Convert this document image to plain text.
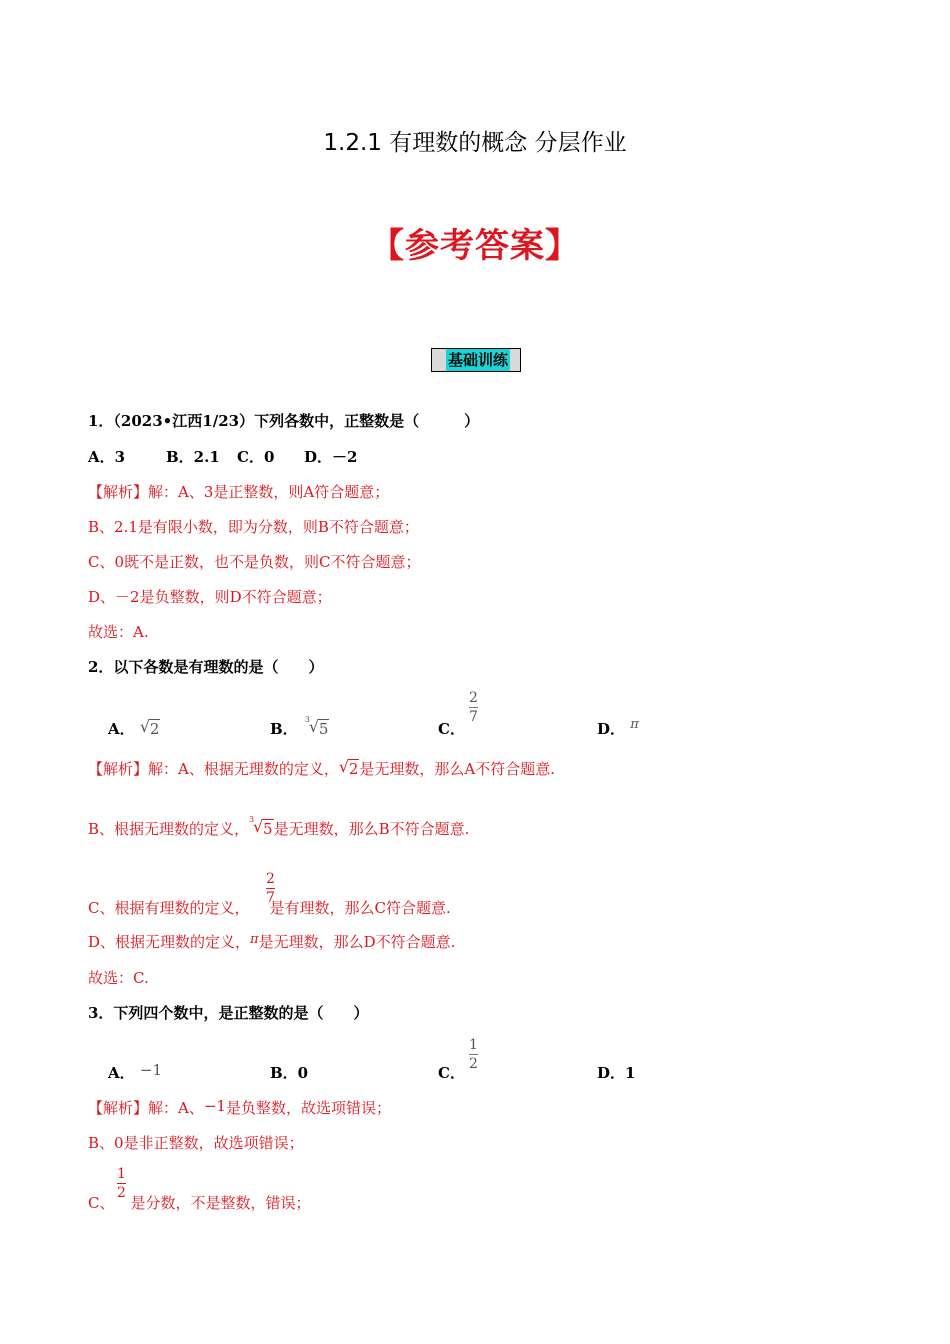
1.2.1 有理数的概念 分层作业
【参考答案】
基础训练
1．（2023•江西1/23）下列各数中，正整数是（　　　）
A．3	B．2.1 C．0 D．－2
【解析】解：A、3是正整数，则A符合题意；
B、2.1是有限小数，即为分数，则B不符合题意；
C、0既不是正数，也不是负数，则C不符合题意；
D、－2是负整数，则D不符合题意；
故选：A.
2．以下各数是有理数的是（　　）
A． √ 2	B．
3
√ 5	C．
2
7
D． π
【解析】解：A、根据无理数的定义， √ 2是无理数，那么A不符合题意.
B、根据无理数的定义，
3
√ 5是无理数，那么B不符合题意.
C、根据有理数的定义， 是有理数，那么C符合题意.
2
7
D、根据无理数的定义，π是无理数，那么D不符合题意.
故选：C.
3．下列四个数中，是正整数的是（　　）
A． −1	B．0	C．
1
2	D．1
【解析】解：A、−1是负整数，故选项错误；
B、0是非正整数，故选项错误；
C、 是分数，不是整数，错误；
1
2
